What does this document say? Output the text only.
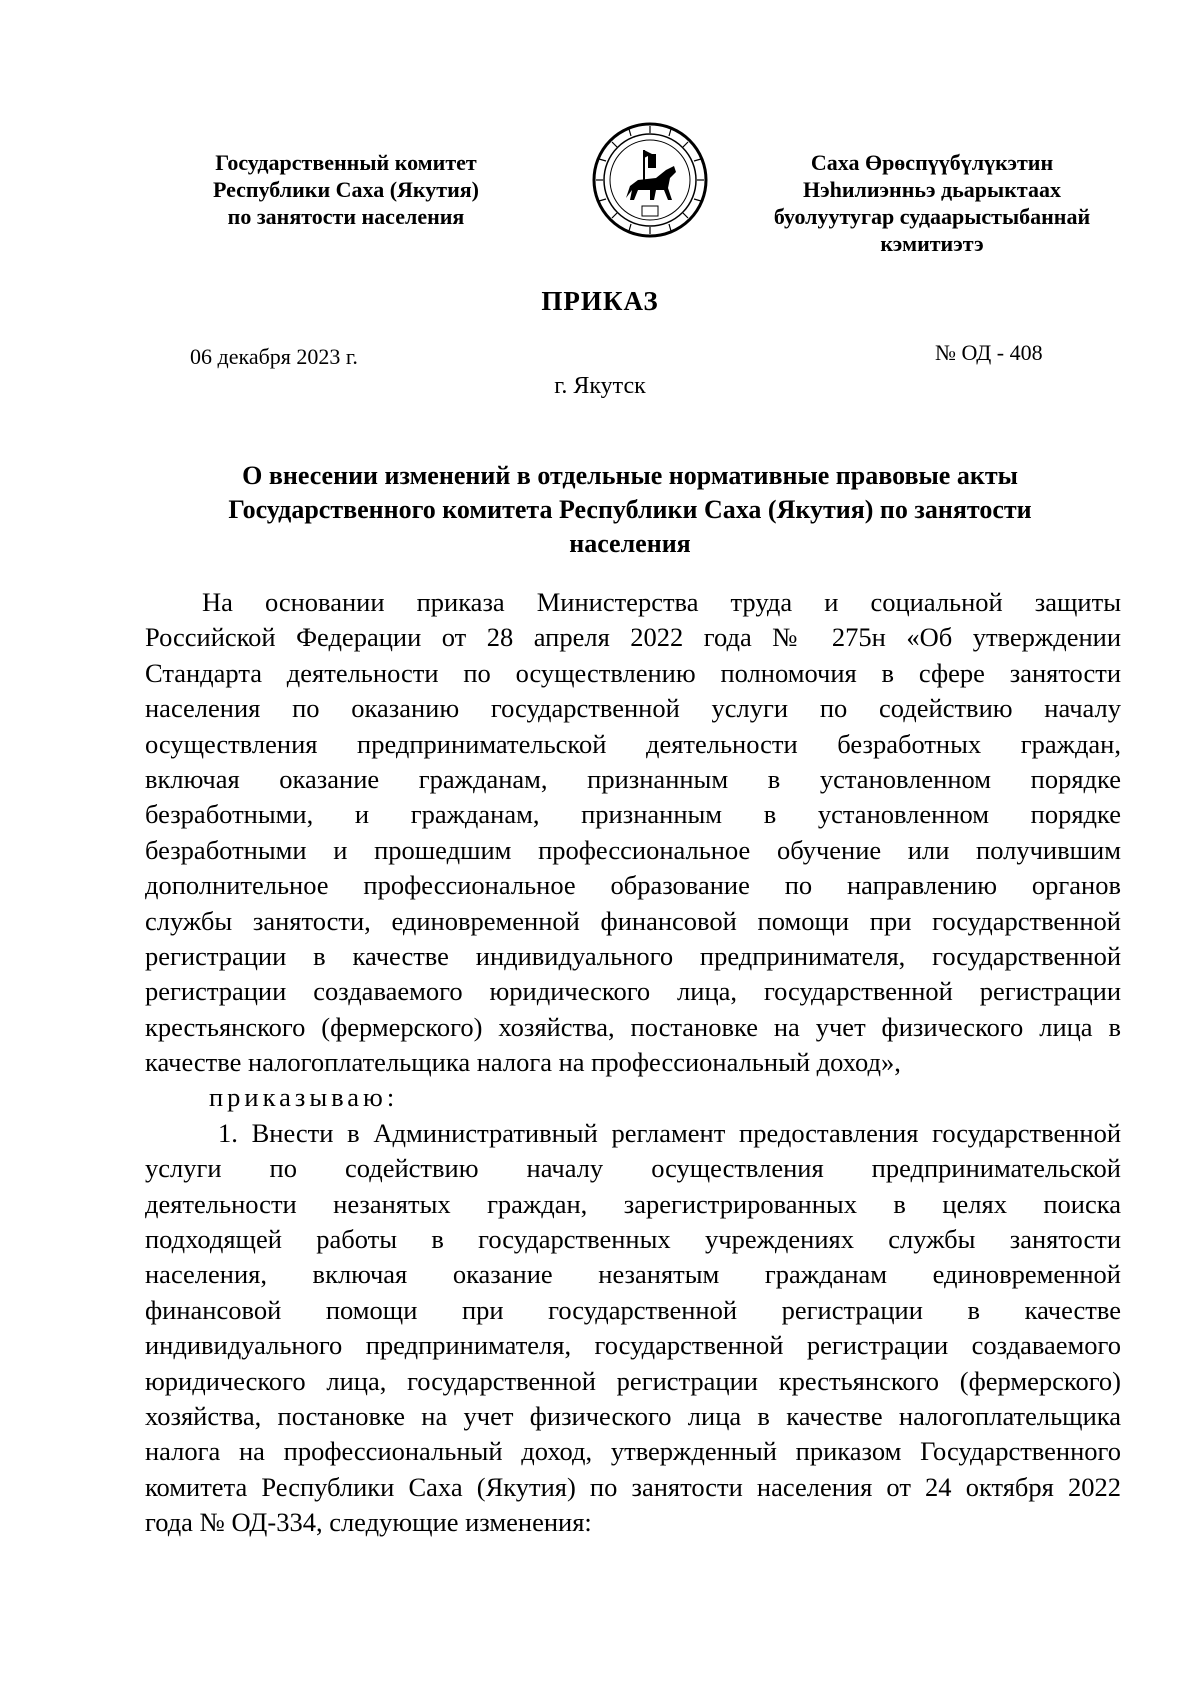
Государственный комитет
Республики Саха (Якутия)
по занятости населения
Саха Өрөспүүбүлүкэтин
Нэһилиэнньэ дьарыктаах
буолуутугар судаарыстыбаннай
кэмитиэтэ
ПРИКАЗ
06 декабря 2023 г.	№ ОД - 408
г. Якутск
О внесении изменений в отдельные нормативные правовые акты
Государственного комитета Республики Саха (Якутия) по занятости
населения
На основании приказа Министерства труда и социальной защиты
Российской Федерации от 28 апреля 2022 года № 275н «Об утверждении
Стандарта деятельности по осуществлению полномочия в сфере занятости
населения по оказанию государственной услуги по содействию началу
осуществления предпринимательской деятельности безработных граждан,
включая оказание гражданам, признанным в установленном порядке
безработными, и гражданам, признанным в установленном порядке
безработными и прошедшим профессиональное обучение или получившим
дополнительное профессиональное образование по направлению органов
службы занятости, единовременной финансовой помощи при государственной
регистрации в качестве индивидуального предпринимателя, государственной
регистрации создаваемого юридического лица, государственной регистрации
крестьянского (фермерского) хозяйства, постановке на учет физического лица в
качестве налогоплательщика налога на профессиональный доход»,
приказываю:
1. Внести в Административный регламент предоставления государственной
услуги по содействию началу осуществления предпринимательской
деятельности незанятых граждан, зарегистрированных в целях поиска
подходящей работы в государственных учреждениях службы занятости
населения, включая оказание незанятым гражданам единовременной
финансовой помощи при государственной регистрации в качестве
индивидуального предпринимателя, государственной регистрации создаваемого
юридического лица, государственной регистрации крестьянского (фермерского)
хозяйства, постановке на учет физического лица в качестве налогоплательщика
налога на профессиональный доход, утвержденный приказом Государственного
комитета Республики Саха (Якутия) по занятости населения от 24 октября 2022
года № ОД-334, следующие изменения:
